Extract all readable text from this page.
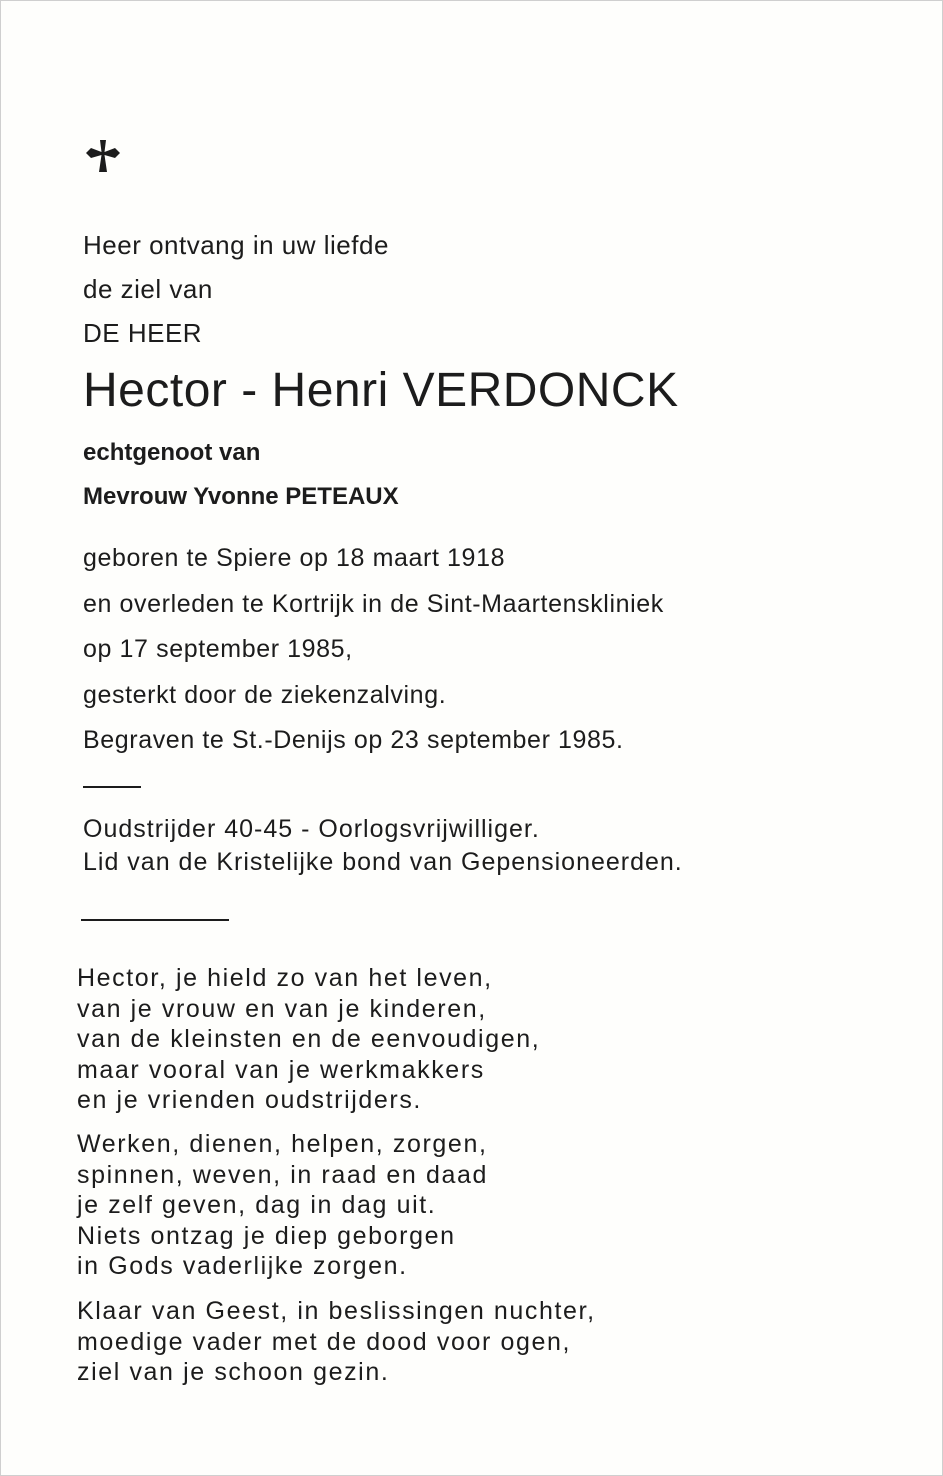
Heer ontvang in uw liefde
de ziel van
DE HEER
Hector - Henri VERDONCK
echtgenoot van
Mevrouw Yvonne PETEAUX
geboren te Spiere op 18 maart 1918
en overleden te Kortrijk in de Sint-Maartenskliniek
op 17 september 1985,
gesterkt door de ziekenzalving.
Begraven te St.-Denijs op 23 september 1985.
Oudstrijder 40-45 - Oorlogsvrijwilliger.
Lid van de Kristelijke bond van Gepensioneerden.
Hector, je hield zo van het leven,
van je vrouw en van je kinderen,
van de kleinsten en de eenvoudigen,
maar vooral van je werkmakkers
en je vrienden oudstrijders.
Werken, dienen, helpen, zorgen,
spinnen, weven, in raad en daad
je zelf geven, dag in dag uit.
Niets ontzag je diep geborgen
in Gods vaderlijke zorgen.
Klaar van Geest, in beslissingen nuchter,
moedige vader met de dood voor ogen,
ziel van je schoon gezin.
